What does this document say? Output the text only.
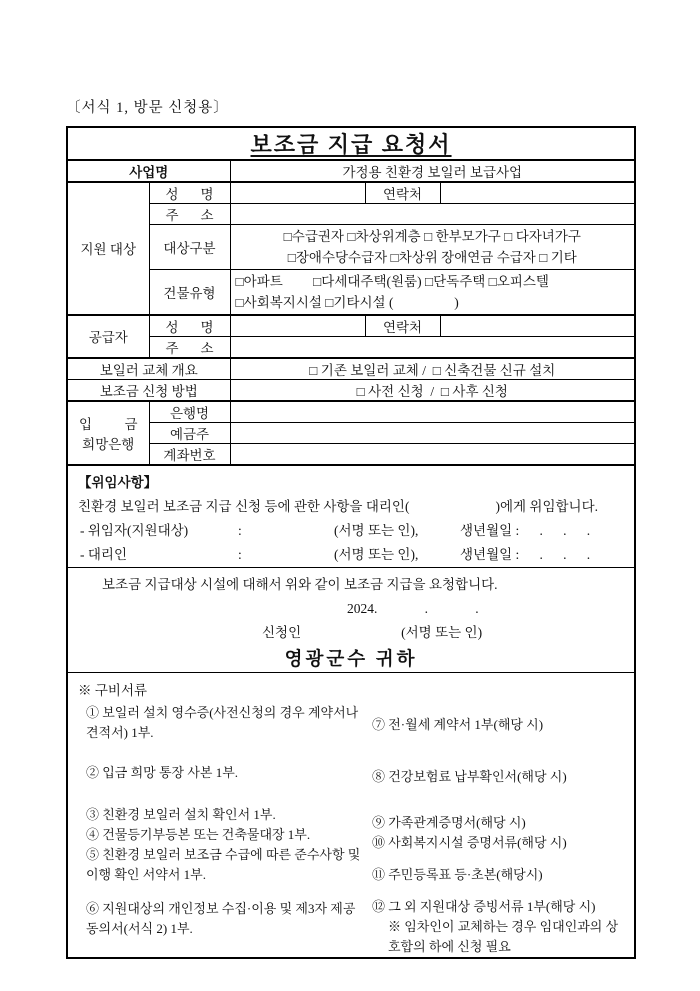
〔서식 1, 방문 신청용〕
보조금 지급 요청서				
사업명		가정용 친환경 보일러 보급사업		
지원 대상	성 명		연락처	
	주 소			
	대상구분	□수급권자 □차상위계층 □ 한부모가구 □ 다자녀가구
□장애수당수급자 □차상위 장애연금 수급자 □ 기타		

	건물유형	□아파트         □다세대주택(원룸) □단독주택 □오피스텔
□사회복지시설 □기타시설 (                  )		

공급자	성 명		연락처	
	주 소			
보일러 교체 개요		□ 기존 보일러 교체 /  □ 신축건물 신규 설치		
보조금 신청 방법		□ 사전 신청  /  □ 사후 신청		

입 금
희망은행	은행명			
	예금주			
	계좌번호			

【위임사항】
친환경 보일러 보조금 지급 신청 등에 관한 사항을 대리인(	)에게 위임합니다.
- 위임자(지원대상)	:	(서명 또는 인),	생년월일 : .      .      .
- 대리인	:	(서명 또는 인),	생년월일 : .      .      .

보조금 지급대상 시설에 대해서 위와 같이 보조금 지급을 요청합니다.
2024.              .              .
신청인 (서명 또는 인)
영광군수 귀하				

※ 구비서류
① 보일러 설치 영수증(사전신청의 경우 계약서나 견적서) 1부.
② 입금 희망 통장 사본 1부.
③ 친환경 보일러 설치 확인서 1부.
④ 건물등기부등본 또는 건축물대장 1부.
⑤ 친환경 보일러 보조금 수급에 따른 준수사항 및 이행 확인 서약서 1부.
⑥ 지원대상의 개인정보 수집·이용 및 제3자 제공동의서(서식 2) 1부.
⑦ 전·월세 계약서 1부(해당 시)
⑧ 건강보험료 납부확인서(해당 시)
⑨ 가족관계증명서(해당 시)
⑩ 사회복지시설 증명서류(해당 시)
⑪ 주민등록표 등·초본(해당시)
⑫ 그 외 지원대상 증빙서류 1부(해당 시)
※ 임차인이 교체하는 경우 임대인과의 상호합의 하에 신청 필요
